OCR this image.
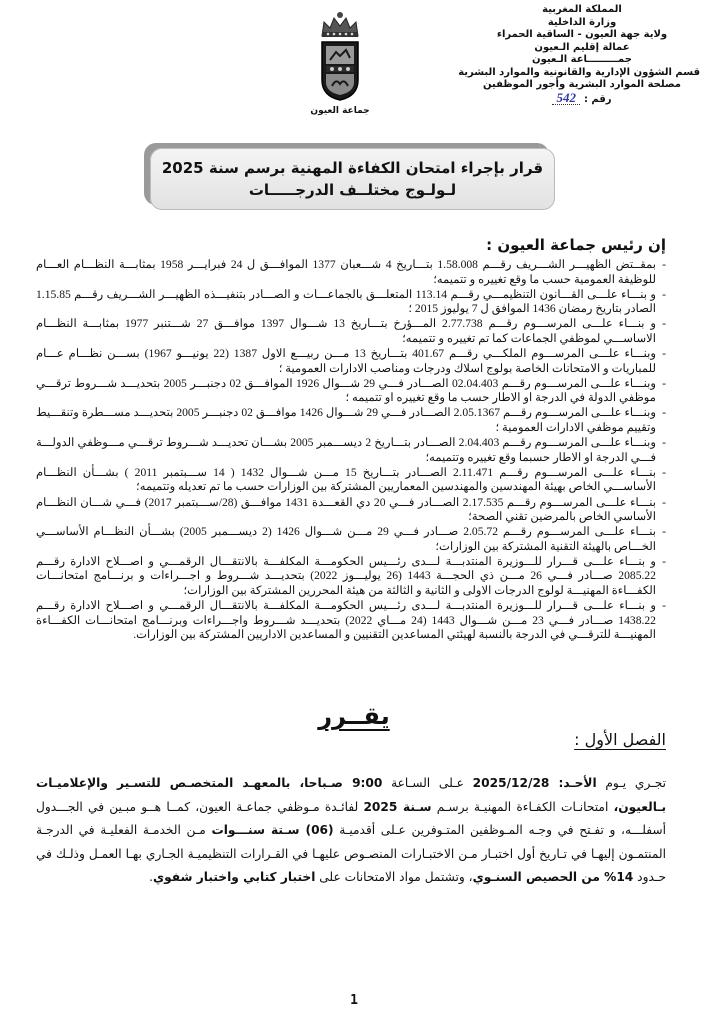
المملكة المغربية
وزارة الداخلية
ولاية جهة العيون - الساقية الحمراء
عمالة إقليم الـعيون
جمـــــــــاعة الـعيون
قسم الشؤون الإدارية والقانونية والموارد البشرية
مصلحة الموارد البشرية وأجور الموظفين
رقم :
542
جماعة العيون
قرار بإجراء امتحان الكفاءة المهنية برسم سنة 2025
لـولـوج مختلــف الدرجـــــات
إن رئيس جماعة العيون :
- بمقــتض الظهيـــر الشـــريف رقـــم 1.58.008 بتـــاريخ 4 شـــعبان 1377 الموافـــق ل 24 فبرايـــر 1958 بمثابـــة النظـــام العـــام للوظيفة العمومية حسب ما وقع تغييره و تتميمه؛
- و بنـــاء علـــى القـــانون التنظيمـــي رقـــم 113.14 المتعلـــق بالجماعـــات و الصـــادر بتنفيـــذه الظهيـــر الشـــريف رقـــم 1.15.85 الصادر بتاريخ رمضان 1436 الموافق ل 7 يوليوز 2015 ؛
- و بنـــاء علـــى المرســـوم رقـــم 2.77.738 المـــؤرخ بتـــاريخ 13 شـــوال 1397 موافـــق 27 شـــتنبر 1977 بمثابـــة النظـــام الاساســـي لموظفي الجماعات كما تم تغييره و تتميمه؛
- وبنـــاء علـــى المرســـوم الملكـــي رقـــم 401.67 بتـــاريخ 13 مـــن ربيـــع الاول 1387 (22 يونيـــو 1967) بســـن نظـــام عـــام للمباريات و الامتحانات الخاصة بولوج اسلاك ودرجات ومناصب الادارات العمومية ؛
- وبنـــاء علـــى المرســـوم رقـــم 02.04.403 الصـــادر فـــي 29 شـــوال 1926 الموافـــق 02 دجنبـــر 2005 بتحديـــد شـــروط ترقـــي موظفي الدولة في الدرجة او الاطار حسب ما وقع تغييره او تتميمه ؛
- وبنـــاء علـــى المرســـوم رقـــم 2.05.1367 الصـــادر فـــي 29 شـــوال 1426 موافـــق 02 دجنبـــر 2005 بتحديـــد مســـطرة وتنقـــيط وتقييم موظفي الادارات العمومية ؛
- وبنـــاء علـــى المرســـوم رقـــم 2.04.403 الصـــادر بتـــاريخ 2 ديســـمبر 2005 بشـــان تحديـــد شـــروط ترقـــي مـــوظفي الدولـــة فـــي الدرجة او الاطار حسبما وقع تغييره وتتميمه؛
- بنـــاء علـــى المرســـوم رقـــم 2.11.471 الصـــادر بتـــاريخ 15 مـــن شـــوال 1432 ( 14 ســـبتمبر 2011 ) بشـــأن النظـــام الأساســـي الخاص بهيئة المهندسين والمهندسين المعماريين المشتركة بين الوزارات حسب ما تم تعديله وتتميمه؛
- بنـــاء علـــى المرســـوم رقـــم 2.17.535 الصـــادر فـــي 20 دي القعـــدة 1431 موافـــق (28/ســـبتمبر 2017) فـــي شـــان النظـــام الأساسي الخاص بالمرضين تقني الصحة؛
- بنـــاء علـــى المرســـوم رقـــم 2.05.72 صـــادر فـــي 29 مـــن شـــوال 1426 (2 ديســـمبر 2005) بشـــأن النظـــام الأساســـي الخـــاص بالهيئة التقنية المشتركة بين الوزارات؛
- و بنـــاء علـــى قـــرار للـــوزيرة المنتدبـــة لـــدى رئـــيس الحكومـــة المكلفـــة بالانتقـــال الرقمـــي و اصـــلاح الادارة رقـــم 2085.22 صـــادر فـــي 26 مـــن ذي الحجـــة 1443 (26 يوليـــوز 2022) بتحديـــد شـــروط و اجـــراءات و برنـــامج امتحانـــات الكفـــاءة المهنيـــة لولوج الدرجات الاولى و الثانية و الثالثة من هيئة المحررين المشتركة بين الوزارات؛
- و بنـــاء علـــى قـــرار للـــوزيرة المنتدبـــة لـــدى رئـــيس الحكومـــة المكلفـــة بالانتقـــال الرقمـــي و اصـــلاح الادارة رقـــم 1438.22 صـــادر فـــي 23 مـــن شـــوال 1443 (24 مـــاي 2022) بتحديـــد شـــروط واجـــراءات وبرنـــامج امتحانـــات الكفـــاءة المهنيـــة للترقـــي في الدرجة بالنسبة لهيئتي المساعدين التقنيين و المساعدين الاداريين المشتركة بين الوزارات.
يقــرر
الفصل الأول :

تجـري يـوم الأحـد: 2025/12/28 عـلى السـاعة 9:00 صـباحا، بالمعهـد المتخصـص للتسـير والإعلاميـات بـالعيون، امتحانـات الكفـاءة المهنيـة برسـم سـنة 2025 لفائـدة مـوظفي جماعـة العيون، كمــا هــو مبـين في الجـــدول أسفلـــه، و تفـتح في وجـه المـوظفين المتـوفرين عـلى أقدميـة (06) سـتة سنـــوات مـن الخدمـة الفعليـة في الدرجـة المنتمـون إليهـا في تـاريخ أول اختبـار مـن الاختبـارات المنصـوص عليهـا في القـرارات التنظيميـة الجـاري بهـا العمـل وذلـك في حـدود 14% من الحصيص السنـوي، وتشتمل مواد الامتحانات على اختبار كتابي واختبار شفوي.

1
